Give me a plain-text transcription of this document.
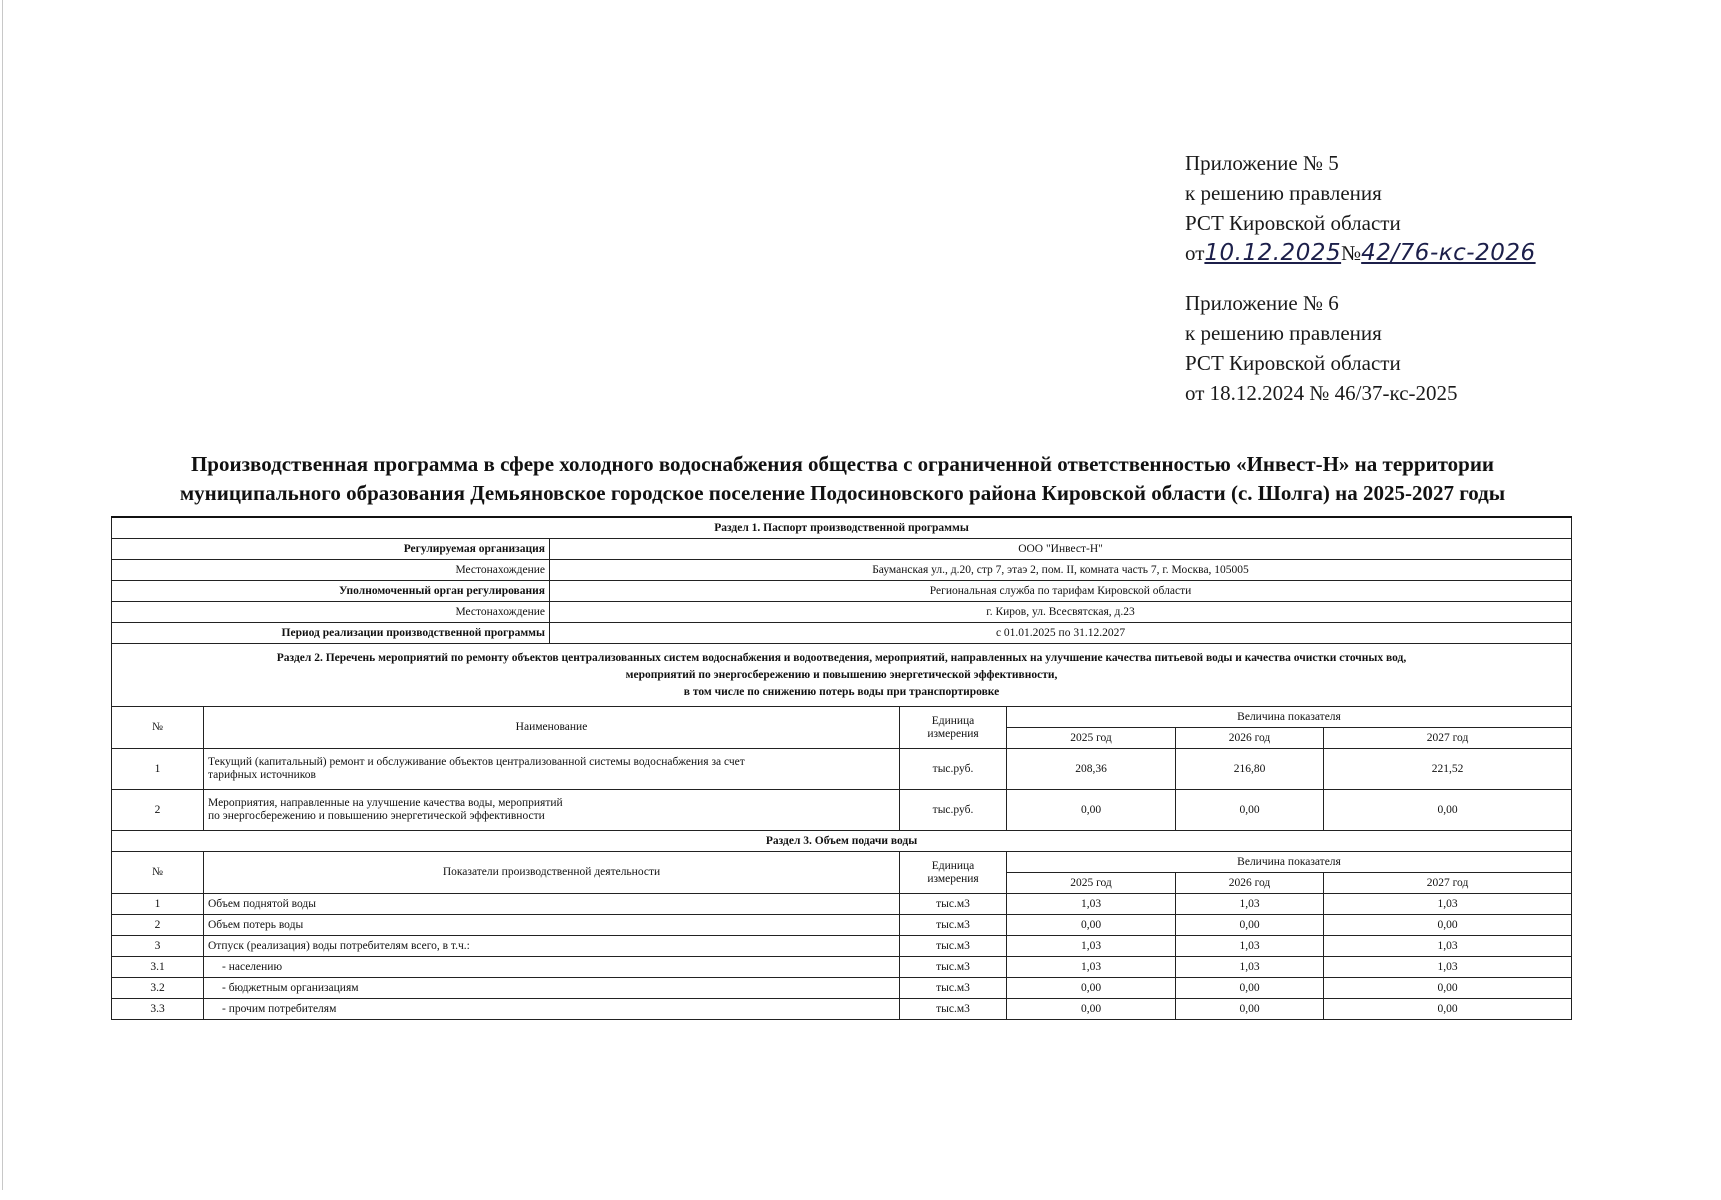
Приложение № 5
к решению правления
РСТ Кировской области
от10.12.2025№42/76-кс-2026
Приложение № 6
к решению правления
РСТ Кировской области
от 18.12.2024 № 46/37-кс-2025
Производственная программа в сфере холодного водоснабжения общества с ограниченной ответственностью «Инвест-Н» на территории
муниципального образования Демьяновское городское поселение Подосиновского района Кировской области (с. Шолга) на 2025-2027 годы
Раздел 1. Паспорт производственной программы						
Регулируемая организация		ООО "Инвест-Н"				
Местонахождение		Бауманская ул., д.20, стр 7, этаэ 2, пом. II, комната часть 7, г. Москва, 105005				
Уполномоченный орган регулирования		Региональная служба по тарифам Кировской области				
Местонахождение		г. Киров, ул. Всесвятская, д.23				
Период реализации производственной программы		с 01.01.2025 по 31.12.2027				

Раздел 2. Перечень мероприятий по ремонту объектов централизованных систем водоснабжения и водоотведения, мероприятий, направленных на улучшение качества питьевой воды и качества очистки сточных вод,
мероприятий по энергосбережению и повышению энергетической эффективности,
в том числе по снижению потерь воды при транспортировке						

№	Наименование		Единица
измерения	Величина показателя		
				2025 год	2026 год	2027 год
1	Текущий (капитальный) ремонт и обслуживание объектов централизованной системы водоснабжения за счет
тарифных источников		тыс.руб.	208,36	216,80	221,52
2	Мероприятия, направленные на улучшение качества воды, мероприятий
по энергосбережению и повышению энергетической эффективности		тыс.руб.	0,00	0,00	0,00
Раздел 3. Объем подачи воды						
№	Показатели производственной деятельности		Единица
измерения	Величина показателя		
				2025 год	2026 год	2027 год
1	Объем поднятой воды		тыс.м3	1,03	1,03	1,03
2	Объем потерь воды		тыс.м3	0,00	0,00	0,00
3	Отпуск (реализация) воды потребителям всего, в т.ч.:		тыс.м3	1,03	1,03	1,03
3.1	- населению		тыс.м3	1,03	1,03	1,03
3.2	- бюджетным организациям		тыс.м3	0,00	0,00	0,00
3.3	- прочим потребителям		тыс.м3	0,00	0,00	0,00
